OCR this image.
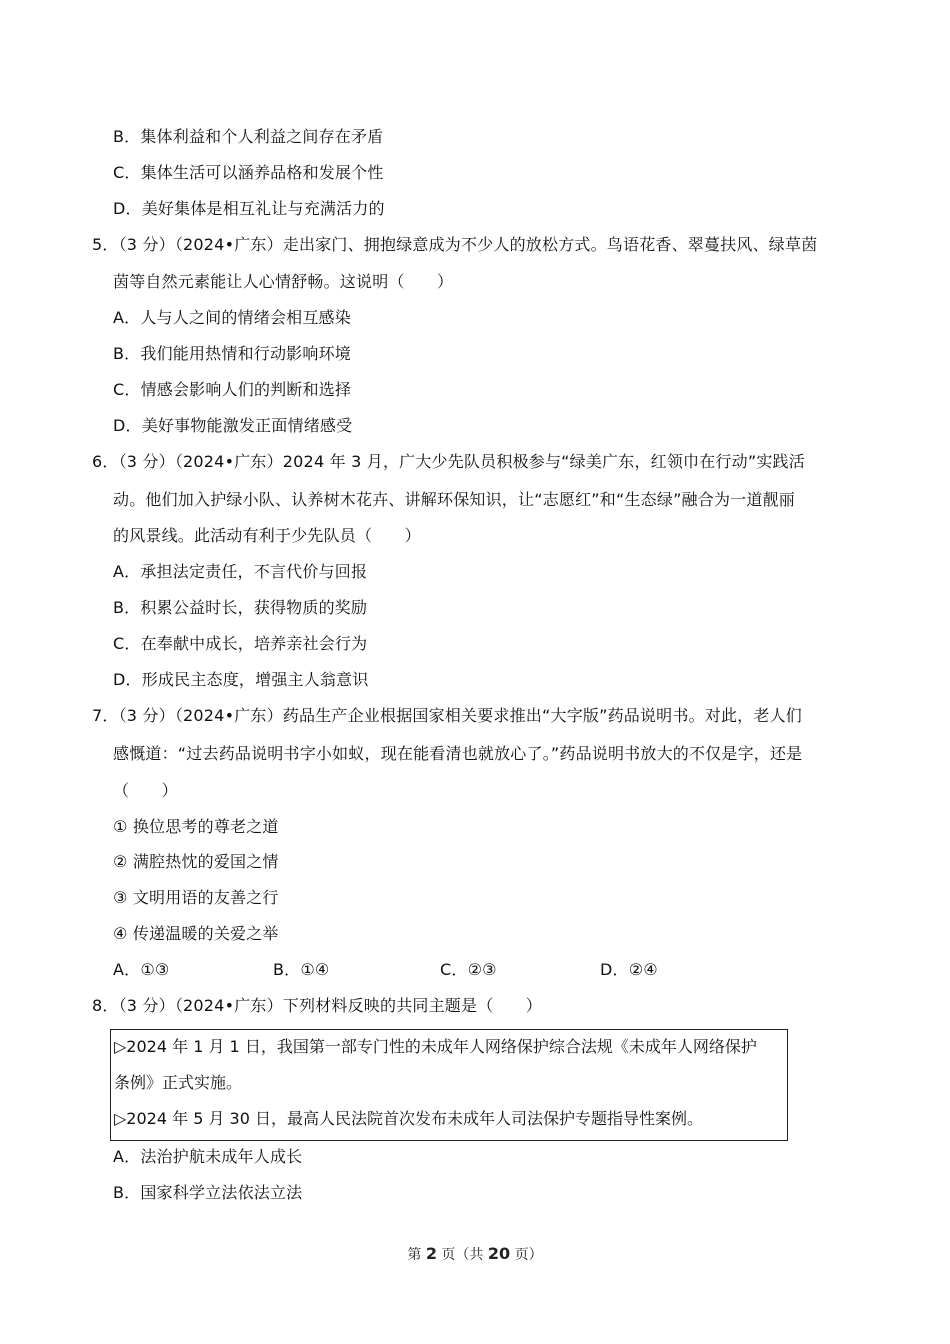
B．集体利益和个人利益之间存在矛盾
C．集体生活可以涵养品格和发展个性
D．美好集体是相互礼让与充满活力的
5．（3 分）（2024•广东）走出家门、拥抱绿意成为不少人的放松方式。鸟语花香、翠蔓扶风、绿草茵
茵等自然元素能让人心情舒畅。这说明（　　）
A．人与人之间的情绪会相互感染
B．我们能用热情和行动影响环境
C．情感会影响人们的判断和选择
D．美好事物能激发正面情绪感受
6．（3 分）（2024•广东）2024 年 3 月，广大少先队员积极参与“绿美广东，红领巾在行动”实践活
动。他们加入护绿小队、认养树木花卉、讲解环保知识，让“志愿红”和“生态绿”融合为一道靓丽
的风景线。此活动有利于少先队员（　　）
A．承担法定责任，不言代价与回报
B．积累公益时长，获得物质的奖励
C．在奉献中成长，培养亲社会行为
D．形成民主态度，增强主人翁意识
7．（3 分）（2024•广东）药品生产企业根据国家相关要求推出“大字版”药品说明书。对此，老人们
感慨道：“过去药品说明书字小如蚁，现在能看清也就放心了。”药品说明书放大的不仅是字，还是
（　　）
① 换位思考的尊老之道
② 满腔热忱的爱国之情
③ 文明用语的友善之行
④ 传递温暖的关爱之举
A．①③	B．①④	C．②③	D．②④
8．（3 分）（2024•广东）下列材料反映的共同主题是（　　）
▷2024 年 1 月 1 日，我国第一部专门性的未成年人网络保护综合法规《未成年人网络保护
条例》正式实施。
▷2024 年 5 月 30 日，最高人民法院首次发布未成年人司法保护专题指导性案例。
A．法治护航未成年人成长
B．国家科学立法依法立法
第 2 页（共 20 页）
